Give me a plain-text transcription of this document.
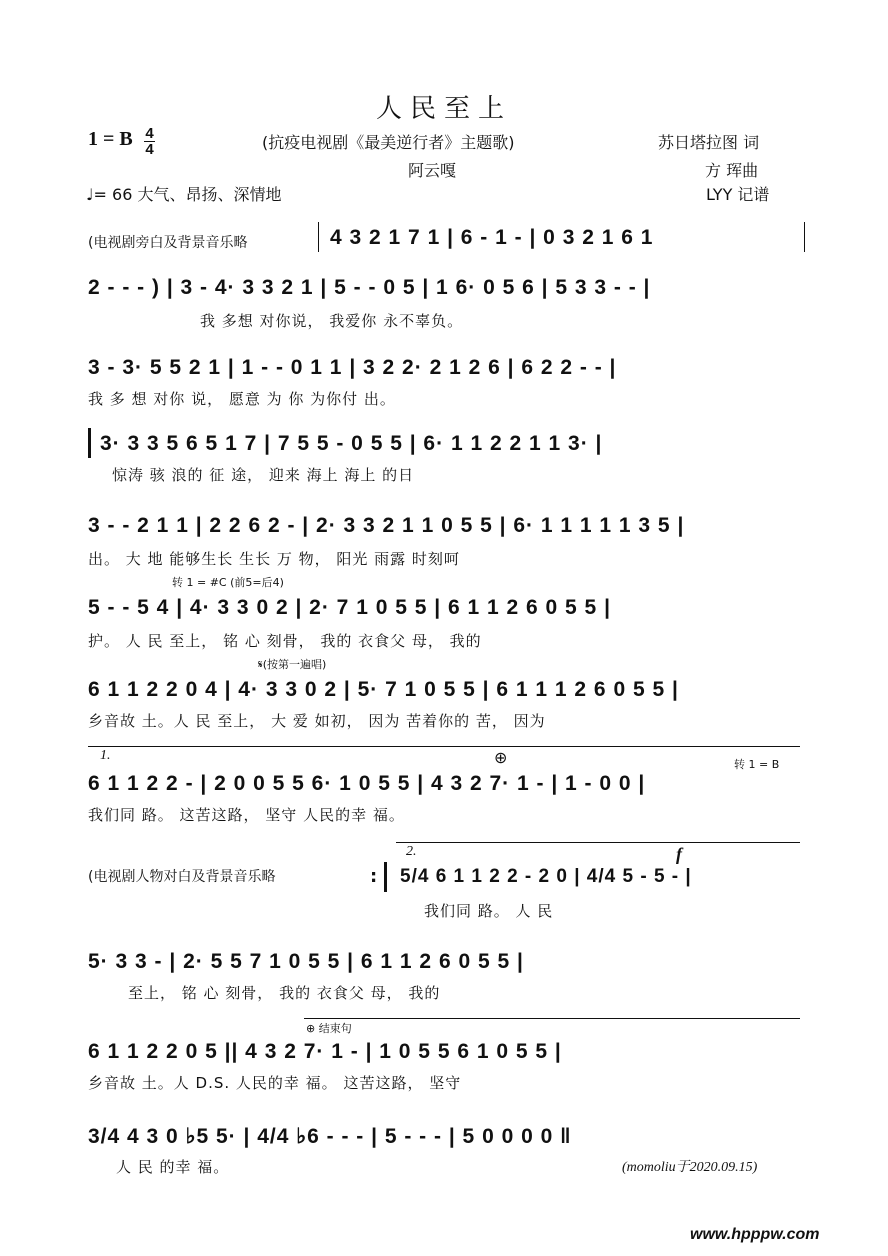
人民至上
1 = B 4
4	(抗疫电视剧《最美逆行者》主题歌)	苏日塔拉图 词
阿云嘎	方 珲曲
♩= 66 大气、昂扬、深情地	LYY 记谱
(电视剧旁白及背景音乐略	4 3 2 1 7 1 | 6 - 1 - | 0 3 2 1 6 1
2 - - - ) | 3 - 4· 3 3 2 1 | 5 - - 0 5 | 1 6· 0 5 6 | 5 3 3 - - |
我 多想 对你说， 我爱你 永不辜负。
3 - 3· 5 5 2 1 | 1 - - 0 1 1 | 3 2 2· 2 1 2 6 | 6 2 2 - - |
我 多 想 对你 说， 愿意 为 你 为你付 出。
3· 3 3 5 6 5 1 7 | 7 5 5 - 0 5 5 | 6· 1 1 2 2 1 1 3· |
惊涛 骇 浪的 征 途， 迎来 海上 海上 的日
3 - - 2 1 1 | 2 2 6 2 - | 2· 3 3 2 1 1 0 5 5 | 6· 1 1 1 1 1 3 5 |
出。 大 地 能够生长 生长 万 物， 阳光 雨露 时刻呵
转 1 = #C (前5=后4)
5 - - 5 4 | 4· 3 3 0 2 | 2· 7 1 0 5 5 | 6 1 1 2 6 0 5 5 |
护。 人 民 至上， 铭 心 刻骨， 我的 衣食父 母， 我的
𝄋(按第一遍唱)
6 1 1 2 2 0 4 | 4· 3 3 0 2 | 5· 7 1 0 5 5 | 6 1 1 1 2 6 0 5 5 |
乡音故 土。人 民 至上， 大 爱 如初， 因为 苦着你的 苦， 因为
1.	⊕	转 1 = B
6 1 1 2 2 - | 2 0 0 5 5 6· 1 0 5 5 | 4 3 2 7· 1 - | 1 - 0 0 |
我们同 路。 这苦这路， 坚守 人民的幸 福。
(电视剧人物对白及背景音乐略
2.	f
: 5/4 6 1 1 2 2 - 2 0 | 4/4 5 - 5 - |
我们同 路。 人 民
5· 3 3 - | 2· 5 5 7 1 0 5 5 | 6 1 1 2 6 0 5 5 |
至上， 铭 心 刻骨， 我的 衣食父 母， 我的
⊕ 结束句
6 1 1 2 2 0 5 || 4 3 2 7· 1 - | 1 0 5 5 6 1 0 5 5 |
乡音故 土。人 D.S. 人民的幸 福。 这苦这路， 坚守
3/4 4 3 0 ♭5 5· | 4/4 ♭6 - - - | 5 - - - | 5 0 0 0 0 ‖
人 民 的幸 福。	(momoliu于2020.09.15)
www.hpppw.com
